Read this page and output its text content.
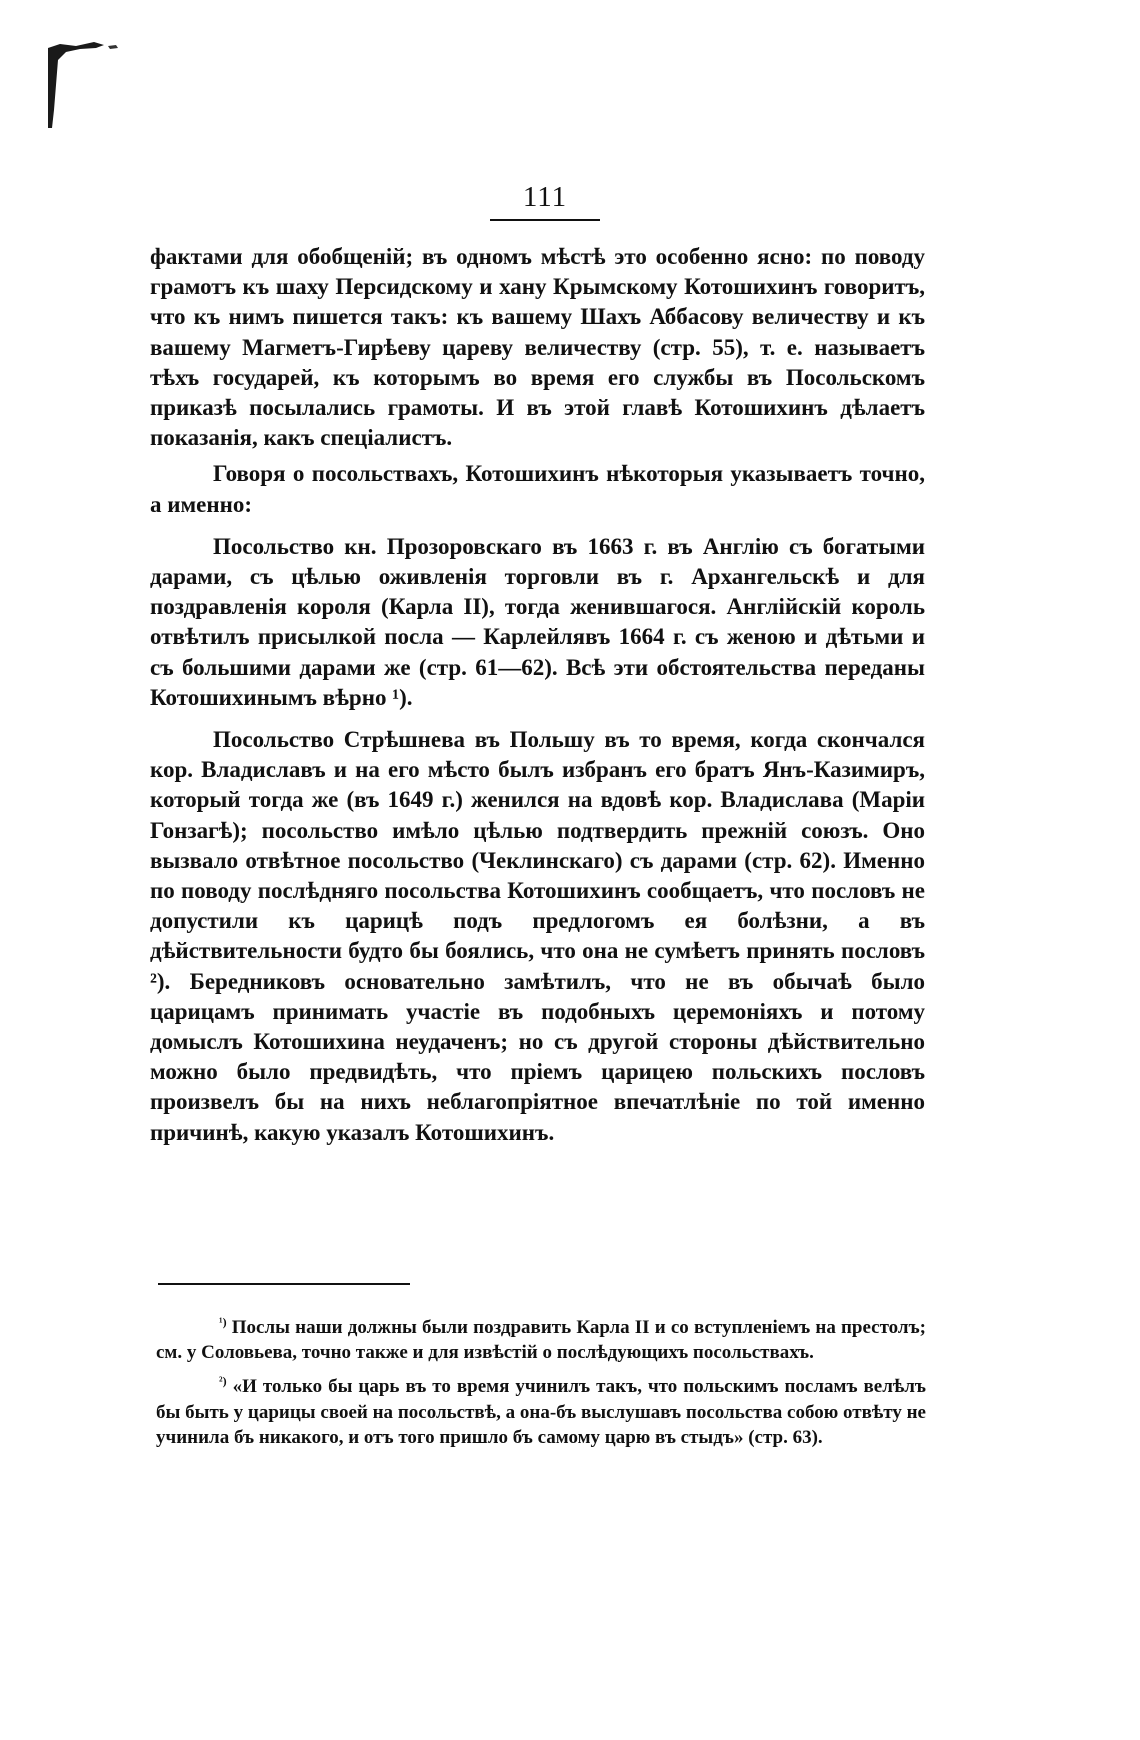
111

фактами для обобщеній; въ одномъ мѣстѣ это особенно ясно: по поводу грамотъ къ шаху Персидскому и хану Крымскому Котошихинъ говоритъ, что къ нимъ пишется такъ: къ вашему Шахъ Аббасову величеству и къ вашему Магметъ-Гирѣеву цареву величеству (стр. 55), т. е. называетъ тѣхъ государей, къ которымъ во время его службы въ Посольскомъ приказѣ посылались грамоты. И въ этой главѣ Котошихинъ дѣлаетъ показанія, какъ спеціалистъ.

Говоря о посольствахъ, Котошихинъ нѣкоторыя указываетъ точно, а именно:

Посольство кн. Прозоровскаго въ 1663 г. въ Англію съ богатыми дарами, съ цѣлью оживленія торговли въ г. Архангельскѣ и для поздравленія короля (Карла II), тогда женившагося. Англійскій король отвѣтилъ присылкой посла — Карлейлявъ 1664 г. съ женою и дѣтьми и съ большими дарами же (стр. 61—62). Всѣ эти обстоятельства переданы Котошихинымъ вѣрно ¹).

Посольство Стрѣшнева въ Польшу въ то время, когда скончался кор. Владиславъ и на его мѣсто былъ избранъ его братъ Янъ-Казимиръ, который тогда же (въ 1649 г.) женился на вдовѣ кор. Владислава (Маріи Гонзагѣ); посольство имѣло цѣлью подтвердить прежній союзъ. Оно вызвало отвѣтное посольство (Чеклинскаго) съ дарами (стр. 62). Именно по поводу послѣдняго посольства Котошихинъ сообщаетъ, что пословъ не допустили къ царицѣ подъ предлогомъ ея болѣзни, а въ дѣйствительности будто бы боялись, что она не сумѣетъ принять пословъ ²). Бередниковъ основательно замѣтилъ, что не въ обычаѣ было царицамъ принимать участіе въ подобныхъ церемоніяхъ и потому домыслъ Котошихина неудаченъ; но съ другой стороны дѣйствительно можно было предвидѣть, что пріемъ царицею польскихъ пословъ произвелъ бы на нихъ неблагопріятное впечатлѣніе по той именно причинѣ, какую указалъ Котошихинъ.

$^{^1)}$ Послы наши должны были поздравить Карла II и со вступленіемъ на престолъ; см. у Соловьева, точно также и для извѣстій о послѣдующихъ посольствахъ.

$^{^2)}$ «И только бы царь въ то время учинилъ такъ, что польскимъ посламъ велѣлъ бы быть у царицы своей на посольствѣ, а она-бъ выслушавъ посольства собою отвѣту не учинила бъ никакого, и отъ того пришло бъ самому царю въ стыдъ» (стр. 63).
